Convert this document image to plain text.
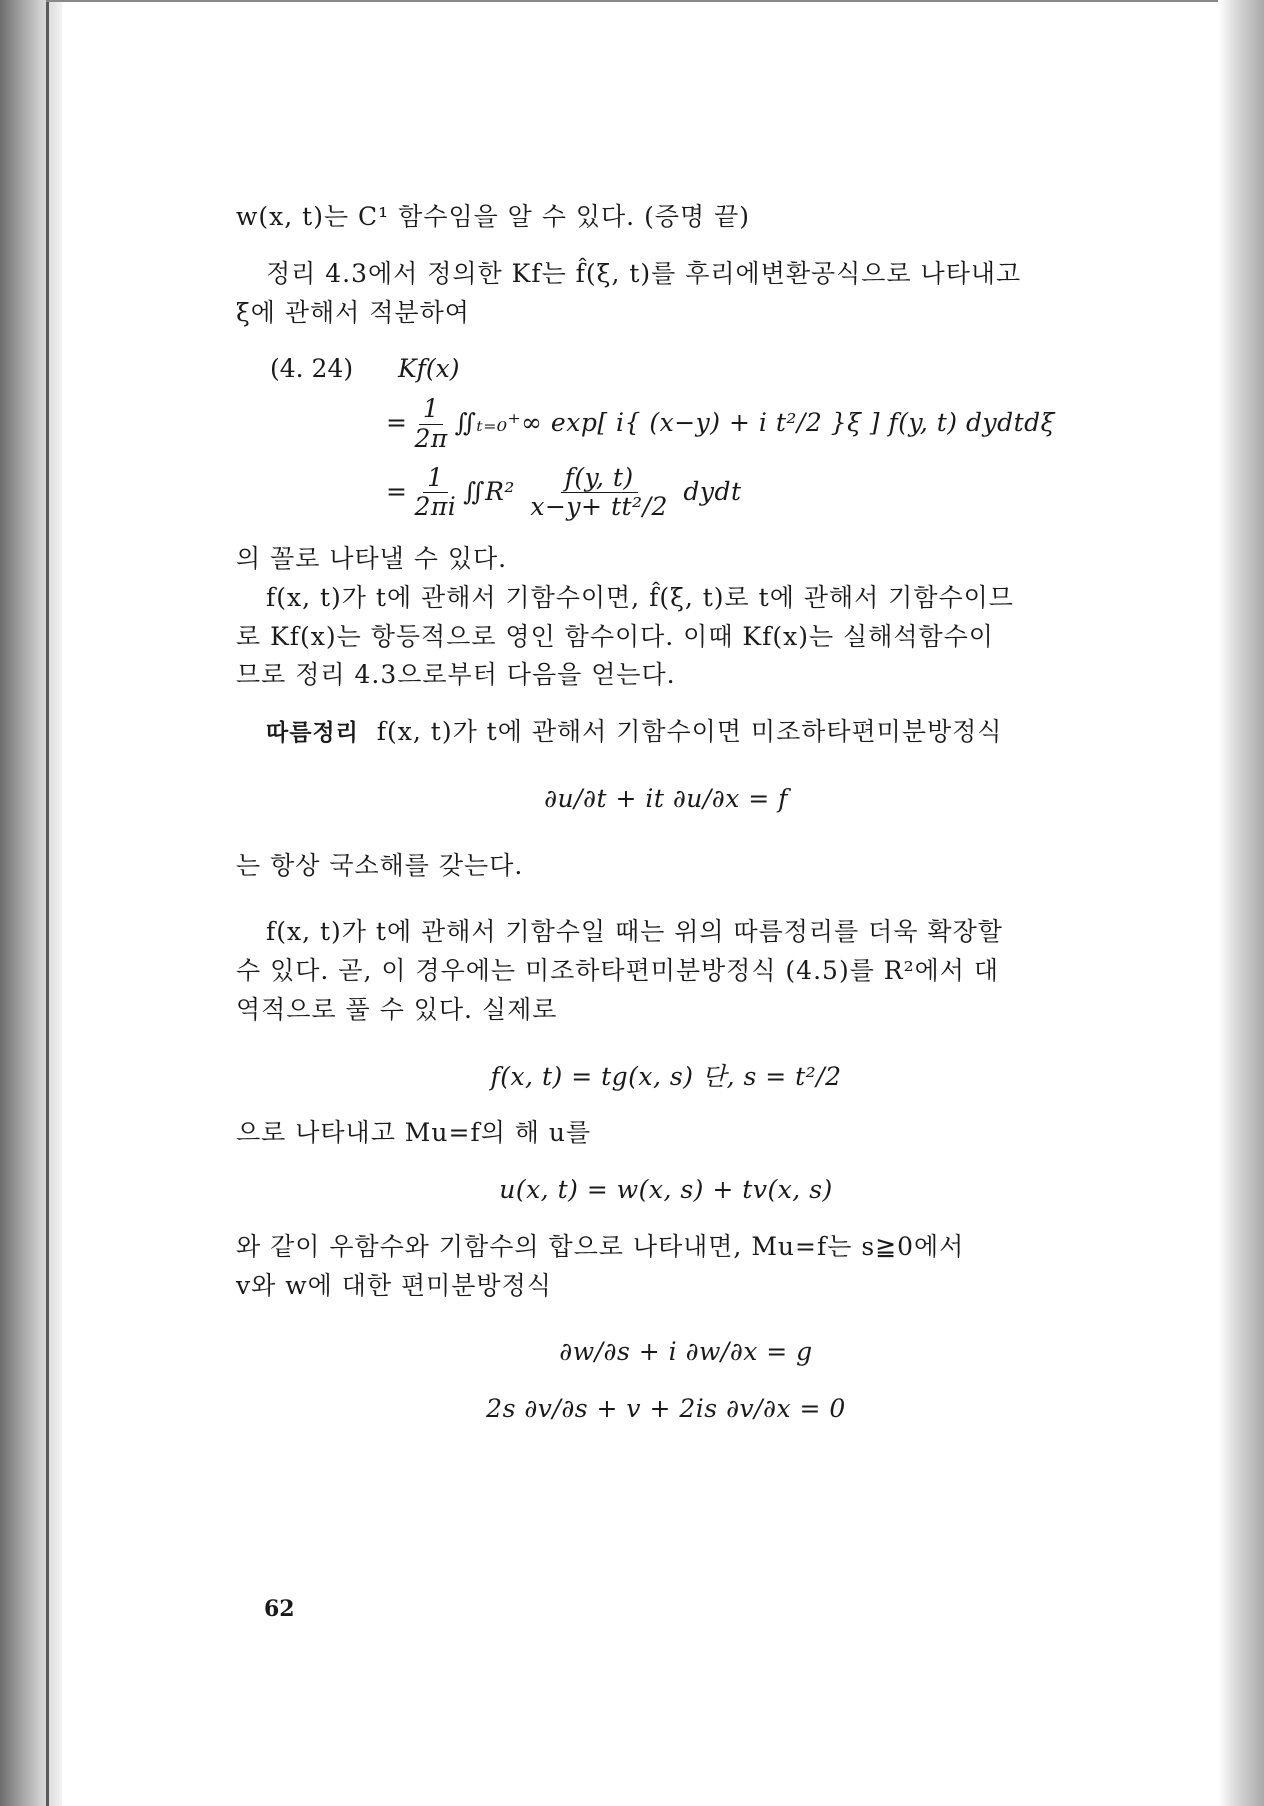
w(x, t)는 C¹ 함수임을 알 수 있다. (증명 끝)

정리 4.3에서 정의한 Kf는 f̂(ξ, t)를 후리에변환공식으로 나타내고

ξ에 관해서 적분하여

(4. 24) Kf(x)
= $\frac{1}{2\pi}$ ∬ₜ₌₀⁺∞ exp[ i{ (x−y) + i t²/2 }ξ ] f(y, t) dydtdξ
= $\frac{1}{2\pi i}$ ∬R² $\frac{f(y, t)}{\text{x−y+ tt²/2}}$ dydt

의 꼴로 나타낼 수 있다.

f(x, t)가 t에 관해서 기함수이면, f̂(ξ, t)로 t에 관해서 기함수이므

로 Kf(x)는 항등적으로 영인 함수이다. 이때 Kf(x)는 실해석함수이

므로 정리 4.3으로부터 다음을 얻는다.

따름정리 f(x, t)가 t에 관해서 기함수이면 미조하타편미분방정식

∂u/∂t + it ∂u/∂x = f

는 항상 국소해를 갖는다.

f(x, t)가 t에 관해서 기함수일 때는 위의 따름정리를 더욱 확장할

수 있다. 곧, 이 경우에는 미조하타편미분방정식 (4.5)를 R²에서 대

역적으로 풀 수 있다. 실제로

f(x, t) = tg(x, s) 단, s = t²/2

으로 나타내고 Mu=f의 해 u를

u(x, t) = w(x, s) + tv(x, s)

와 같이 우함수와 기함수의 합으로 나타내면, Mu=f는 s≧0에서

v와 w에 대한 편미분방정식

∂w/∂s + i ∂w/∂x = g
2s ∂v/∂s + v + 2is ∂v/∂x = 0
62
